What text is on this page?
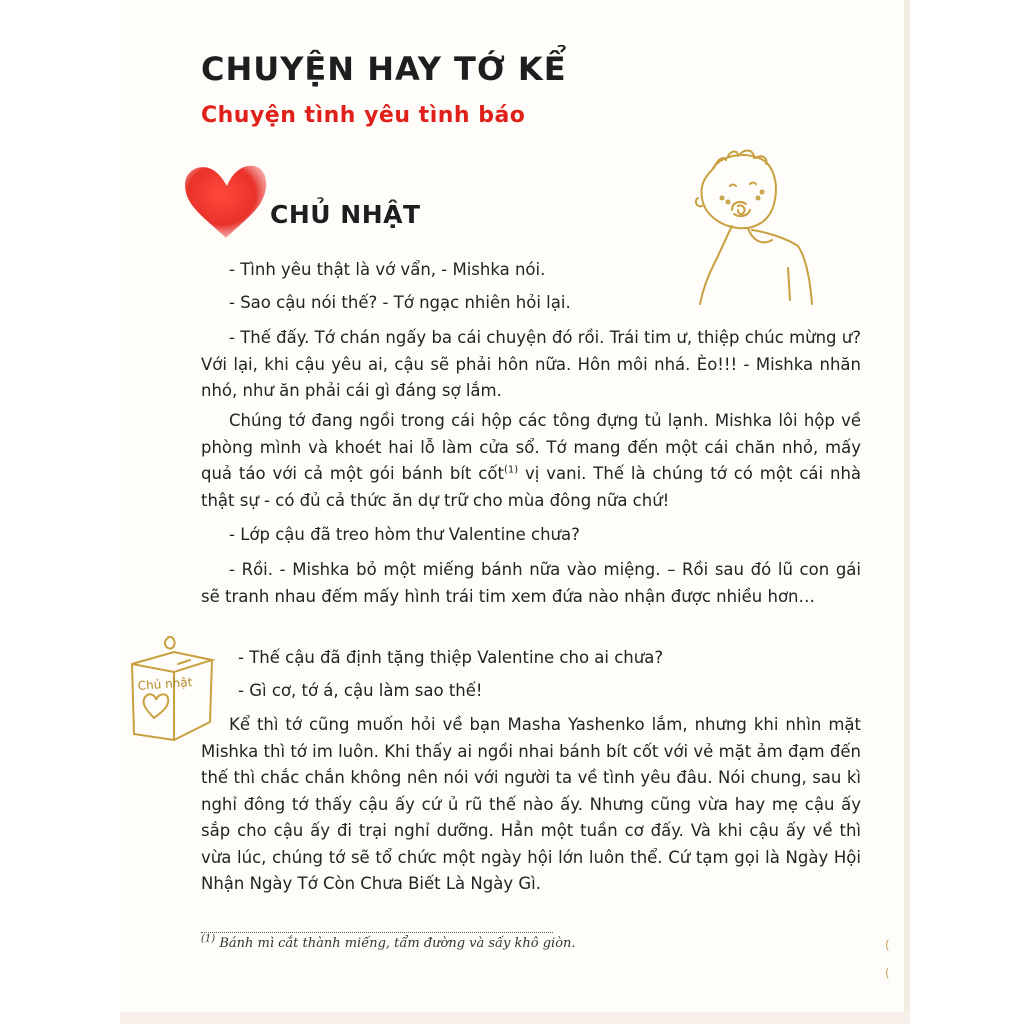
CHUYỆN HAY TỚ KỂ
Chuyện tình yêu tình báo
CHỦ NHẬT

- Tình yêu thật là vớ vẩn, - Mishka nói.

- Sao cậu nói thế? - Tớ ngạc nhiên hỏi lại.

- Thế đấy. Tớ chán ngấy ba cái chuyện đó rồi. Trái tim ư, thiệp chúc mừng ư? Với lại, khi cậu yêu ai, cậu sẽ phải hôn nữa. Hôn môi nhá. Èo!!! - Mishka nhăn nhó, như ăn phải cái gì đáng sợ lắm.

Chúng tớ đang ngồi trong cái hộp các tông đựng tủ lạnh. Mishka lôi hộp về phòng mình và khoét hai lỗ làm cửa sổ. Tớ mang đến một cái chăn nhỏ, mấy quả táo với cả một gói bánh bít cốt$^{(1)}$ vị vani. Thế là chúng tớ có một cái nhà thật sự - có đủ cả thức ăn dự trữ cho mùa đông nữa chứ!

- Lớp cậu đã treo hòm thư Valentine chưa?

- Rồi. - Mishka bỏ một miếng bánh nữa vào miệng. – Rồi sau đó lũ con gái sẽ tranh nhau đếm mấy hình trái tim xem đứa nào nhận được nhiều hơn…

- Thế cậu đã định tặng thiệp Valentine cho ai chưa?

- Gì cơ, tớ á, cậu làm sao thế!

Kể thì tớ cũng muốn hỏi về bạn Masha Yashenko lắm, nhưng khi nhìn mặt Mishka thì tớ im luôn. Khi thấy ai ngồi nhai bánh bít cốt với vẻ mặt ảm đạm đến thế thì chắc chắn không nên nói với người ta về tình yêu đâu. Nói chung, sau kì nghỉ đông tớ thấy cậu ấy cứ ủ rũ thế nào ấy. Nhưng cũng vừa hay mẹ cậu ấy sắp cho cậu ấy đi trại nghỉ dưỡng. Hẳn một tuần cơ đấy. Và khi cậu ấy về thì vừa lúc, chúng tớ sẽ tổ chức một ngày hội lớn luôn thể. Cứ tạm gọi là Ngày Hội Nhận Ngày Tớ Còn Chưa Biết Là Ngày Gì.

Chủ nhật

$^{(1)}$ Bánh mì cắt thành miếng, tẩm đường và sấy khô giòn.	(
(
